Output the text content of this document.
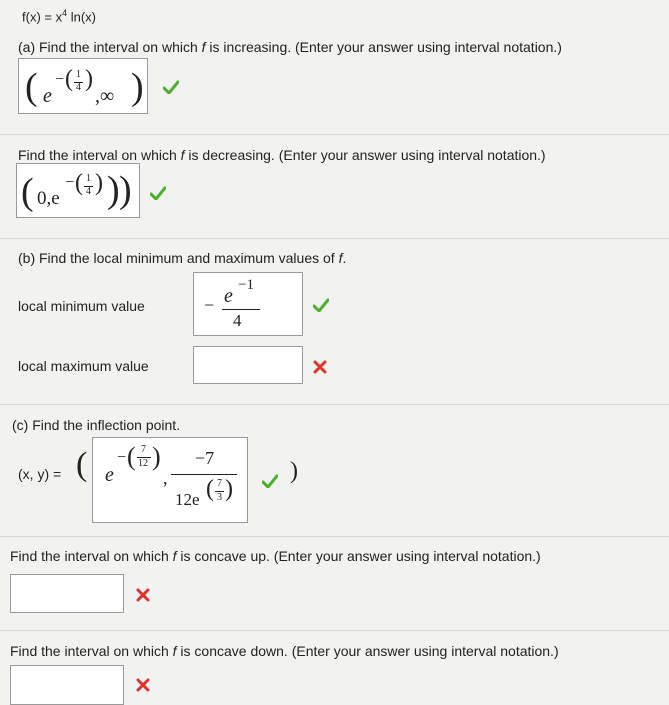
$f(x) = x^4$ ln(x)
(a) Find the interval on which f is increasing. (Enter your answer using interval notation.)
( e
− ( 1
4 )
,∞ )
Find the interval on which f is decreasing. (Enter your answer using interval notation.)
( 0,e
− ( 1
4 ) ) )
(b) Find the local minimum and maximum values of f.
local minimum value	− e −1
4
local maximum value
(c) Find the inflection point.
(x, y) = ( e
− ( 7
12 )
,
−7
12e ( 7
3 )
)
Find the interval on which f is concave up. (Enter your answer using interval notation.)
Find the interval on which f is concave down. (Enter your answer using interval notation.)
